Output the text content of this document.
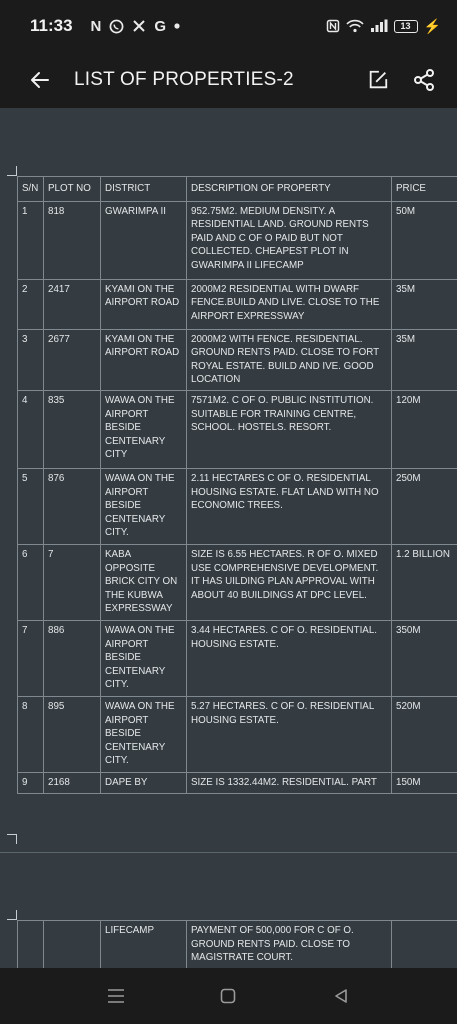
11:33 N	G	13 ⚡
LIST OF PROPERTIES-2
S/N	PLOT NO	DISTRICT	DESCRIPTION OF PROPERTY	PRICE
1	818	GWARIMPA II	952.75M2. MEDIUM DENSITY. A RESIDENTIAL LAND. GROUND RENTS PAID AND C OF O PAID BUT NOT COLLECTED. CHEAPEST PLOT IN GWARIMPA II LIFECAMP	50M
2	2417	KYAMI ON THE AIRPORT ROAD	2000M2 RESIDENTIAL WITH DWARF FENCE.BUILD AND LIVE. CLOSE TO THE AIRPORT EXPRESSWAY	35M
3	2677	KYAMI ON THE AIRPORT ROAD	2000M2 WITH FENCE. RESIDENTIAL. GROUND RENTS PAID. CLOSE TO FORT ROYAL ESTATE. BUILD AND IVE. GOOD LOCATION	35M
4	835	WAWA ON THE AIRPORT BESIDE CENTENARY CITY	7571M2. C OF O. PUBLIC INSTITUTION. SUITABLE FOR TRAINING CENTRE, SCHOOL. HOSTELS. RESORT.	120M
5	876	WAWA ON THE AIRPORT BESIDE CENTENARY CITY.	2.11 HECTARES C OF O. RESIDENTIAL HOUSING ESTATE. FLAT LAND WITH NO ECONOMIC TREES.	250M
6	7	KABA OPPOSITE BRICK CITY ON THE KUBWA EXPRESSWAY	SIZE IS 6.55 HECTARES. R OF O. MIXED USE COMPREHENSIVE DEVELOPMENT. IT HAS UILDING PLAN APPROVAL WITH ABOUT 40 BUILDINGS AT DPC LEVEL.	1.2 BILLION
7	886	WAWA ON THE AIRPORT BESIDE CENTENARY CITY.	3.44 HECTARES. C OF O. RESIDENTIAL. HOUSING ESTATE.	350M
8	895	WAWA ON THE AIRPORT BESIDE CENTENARY CITY.	5.27 HECTARES. C OF O. RESIDENTIAL HOUSING ESTATE.	520M
9	2168	DAPE BY	SIZE IS 1332.44M2. RESIDENTIAL. PART	150M
		LIFECAMP	PAYMENT OF 500,000 FOR C OF O. GROUND RENTS PAID. CLOSE TO MAGISTRATE COURT.	
